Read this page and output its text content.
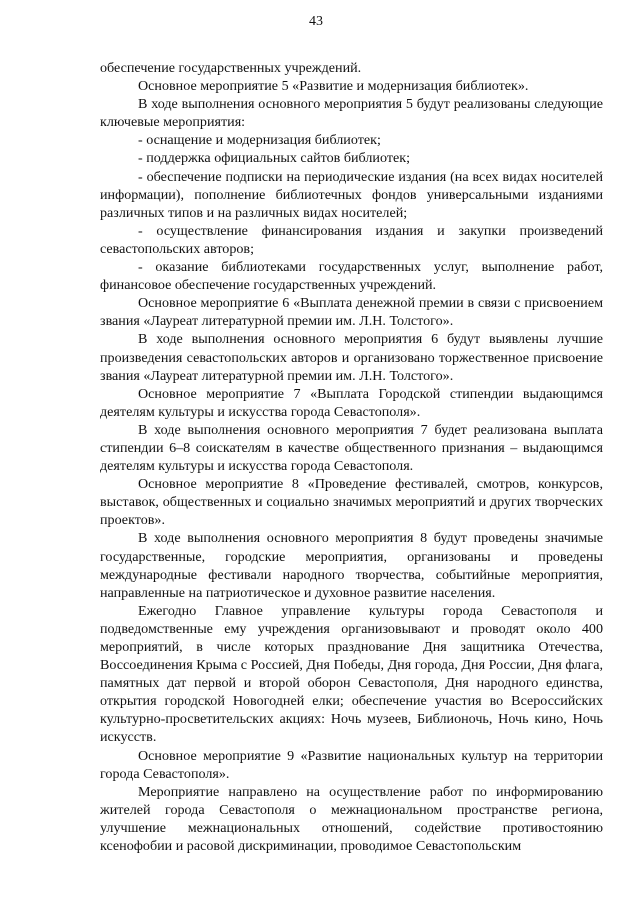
43

обеспечение государственных учреждений.

Основное мероприятие 5 «Развитие и модернизация библиотек».

В ходе выполнения основного мероприятия 5 будут реализованы следующие ключевые мероприятия:

- оснащение и модернизация библиотек;

- поддержка официальных сайтов библиотек;

- обеспечение подписки на периодические издания (на всех видах носителей информации), пополнение библиотечных фондов универсальными изданиями различных типов и на различных видах носителей;

- осуществление финансирования издания и закупки произведений севастопольских авторов;

- оказание библиотеками государственных услуг, выполнение работ, финансовое обеспечение государственных учреждений.

Основное мероприятие 6 «Выплата денежной премии в связи с присвоением звания «Лауреат литературной премии им. Л.Н. Толстого».

В ходе выполнения основного мероприятия 6 будут выявлены лучшие произведения севастопольских авторов и организовано торжественное присвоение звания «Лауреат литературной премии им. Л.Н. Толстого».

Основное мероприятие 7 «Выплата Городской стипендии выдающимся деятелям культуры и искусства города Севастополя».

В ходе выполнения основного мероприятия 7 будет реализована выплата стипендии 6–8 соискателям в качестве общественного признания – выдающимся деятелям культуры и искусства города Севастополя.

Основное мероприятие 8 «Проведение фестивалей, смотров, конкурсов, выставок, общественных и социально значимых мероприятий и других творческих проектов».

В ходе выполнения основного мероприятия 8 будут проведены значимые государственные, городские мероприятия, организованы и проведены международные фестивали народного творчества, событийные мероприятия, направленные на патриотическое и духовное развитие населения.

Ежегодно Главное управление культуры города Севастополя и подведомственные ему учреждения организовывают и проводят около 400 мероприятий, в числе которых празднование Дня защитника Отечества, Воссоединения Крыма с Россией, Дня Победы, Дня города, Дня России, Дня флага, памятных дат первой и второй оборон Севастополя, Дня народного единства, открытия городской Новогодней елки; обеспечение участия во Всероссийских культурно-просветительских акциях: Ночь музеев, Библионочь, Ночь кино, Ночь искусств.

Основное мероприятие 9 «Развитие национальных культур на территории города Севастополя».

Мероприятие направлено на осуществление работ по информированию жителей города Севастополя о межнациональном пространстве региона, улучшение межнациональных отношений, содействие противостоянию ксенофобии и расовой дискриминации, проводимое Севастопольским
